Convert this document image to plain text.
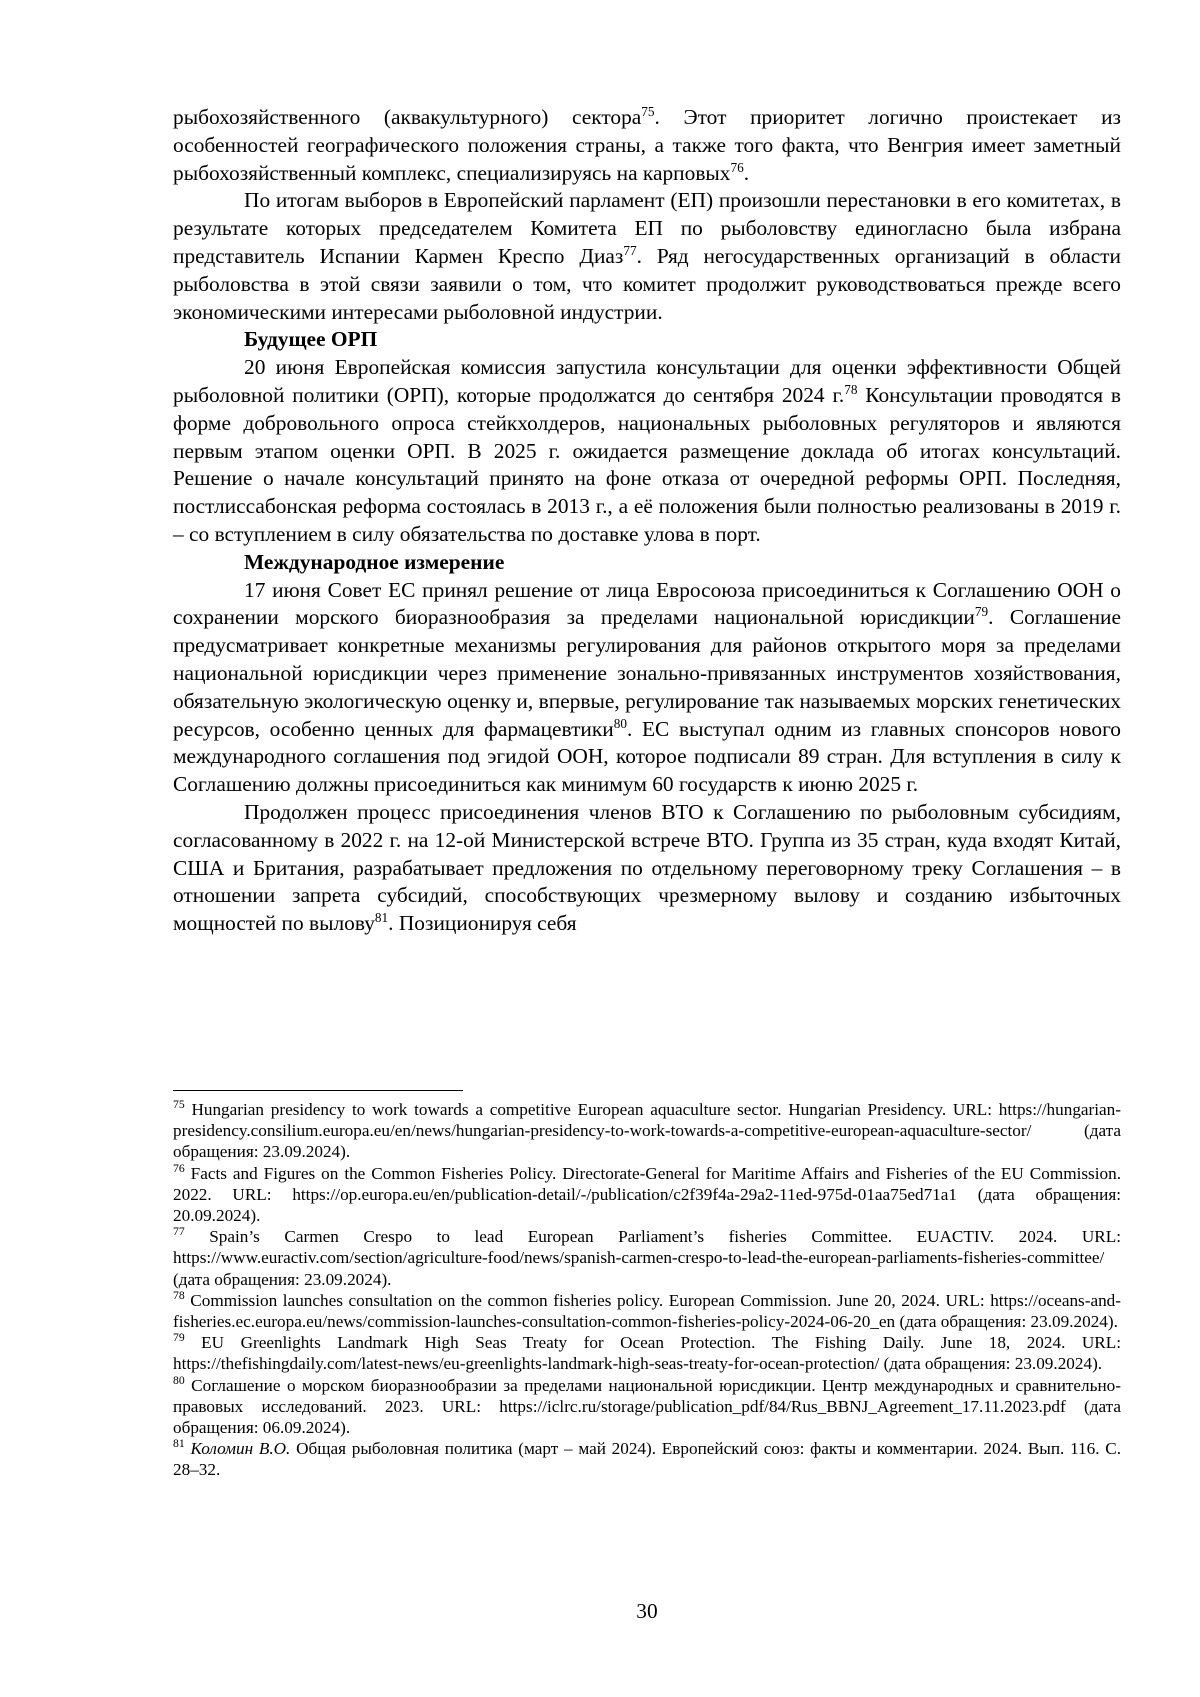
рыбохозяйственного (аквакультурного) сектора$^{75}$. Этот приоритет логично проистекает из особенностей географического положения страны, а также того факта, что Венгрия имеет заметный рыбохозяйственный комплекс, специализируясь на карповых$^{76}$.

По итогам выборов в Европейский парламент (ЕП) произошли перестановки в его комитетах, в результате которых председателем Комитета ЕП по рыболовству единогласно была избрана представитель Испании Кармен Креспо Диаз$^{77}$. Ряд негосударственных организаций в области рыболовства в этой связи заявили о том, что комитет продолжит руководствоваться прежде всего экономическими интересами рыболовной индустрии.

Будущее ОРП

20 июня Европейская комиссия запустила консультации для оценки эффективности Общей рыболовной политики (ОРП), которые продолжатся до сентября 2024 г.$^{78}$ Консультации проводятся в форме добровольного опроса стейкхолдеров, национальных рыболовных регуляторов и являются первым этапом оценки ОРП. В 2025 г. ожидается размещение доклада об итогах консультаций. Решение о начале консультаций принято на фоне отказа от очередной реформы ОРП. Последняя, постлиссабонская реформа состоялась в 2013 г., а её положения были полностью реализованы в 2019 г. – со вступлением в силу обязательства по доставке улова в порт.

Международное измерение

17 июня Совет ЕС принял решение от лица Евросоюза присоединиться к Соглашению ООН о сохранении морского биоразнообразия за пределами национальной юрисдикции$^{79}$. Соглашение предусматривает конкретные механизмы регулирования для районов открытого моря за пределами национальной юрисдикции через применение зонально-привязанных инструментов хозяйствования, обязательную экологическую оценку и, впервые, регулирование так называемых морских генетических ресурсов, особенно ценных для фармацевтики$^{80}$. ЕС выступал одним из главных спонсоров нового международного соглашения под эгидой ООН, которое подписали 89 стран. Для вступления в силу к Соглашению должны присоединиться как минимум 60 государств к июню 2025 г.

Продолжен процесс присоединения членов ВТО к Соглашению по рыболовным субсидиям, согласованному в 2022 г. на 12-ой Министерской встрече ВТО. Группа из 35 стран, куда входят Китай, США и Британия, разрабатывает предложения по отдельному переговорному треку Соглашения – в отношении запрета субсидий, способствующих чрезмерному вылову и созданию избыточных мощностей по вылову$^{81}$. Позиционируя себя

$^{75}$ Hungarian presidency to work towards a competitive European aquaculture sector. Hungarian Presidency. URL: https://hungarian-presidency.consilium.europa.eu/en/news/hungarian-presidency-to-work-towards-a-competitive-european-aquaculture-sector/ (дата обращения: 23.09.2024).

$^{76}$ Facts and Figures on the Common Fisheries Policy. Directorate-General for Maritime Affairs and Fisheries of the EU Commission. 2022. URL: https://op.europa.eu/en/publication-detail/-/publication/c2f39f4a-29a2-11ed-975d-01aa75ed71a1 (дата обращения: 20.09.2024).

$^{77}$ Spain’s Carmen Crespo to lead European Parliament’s fisheries Committee. EUACTIV. 2024. URL: https://www.euractiv.com/section/agriculture-food/news/spanish-carmen-crespo-to-lead-the-european-parliaments-fisheries-committee/ (дата обращения: 23.09.2024).

$^{78}$ Commission launches consultation on the common fisheries policy. European Commission. June 20, 2024. URL: https://oceans-and-fisheries.ec.europa.eu/news/commission-launches-consultation-common-fisheries-policy-2024-06-20_en (дата обращения: 23.09.2024).

$^{79}$ EU Greenlights Landmark High Seas Treaty for Ocean Protection. The Fishing Daily. June 18, 2024. URL: https://thefishingdaily.com/latest-news/eu-greenlights-landmark-high-seas-treaty-for-ocean-protection/ (дата обращения: 23.09.2024).

$^{80}$ Соглашение о морском биоразнообразии за пределами национальной юрисдикции. Центр международных и сравнительно-правовых исследований. 2023. URL: https://iclrc.ru/storage/publication_pdf/84/Rus_BBNJ_Agreement_17.11.2023.pdf (дата обращения: 06.09.2024).

$^{81}$ Коломин В.О. Общая рыболовная политика (март – май 2024). Европейский союз: факты и комментарии. 2024. Вып. 116. С. 28–32.

30
